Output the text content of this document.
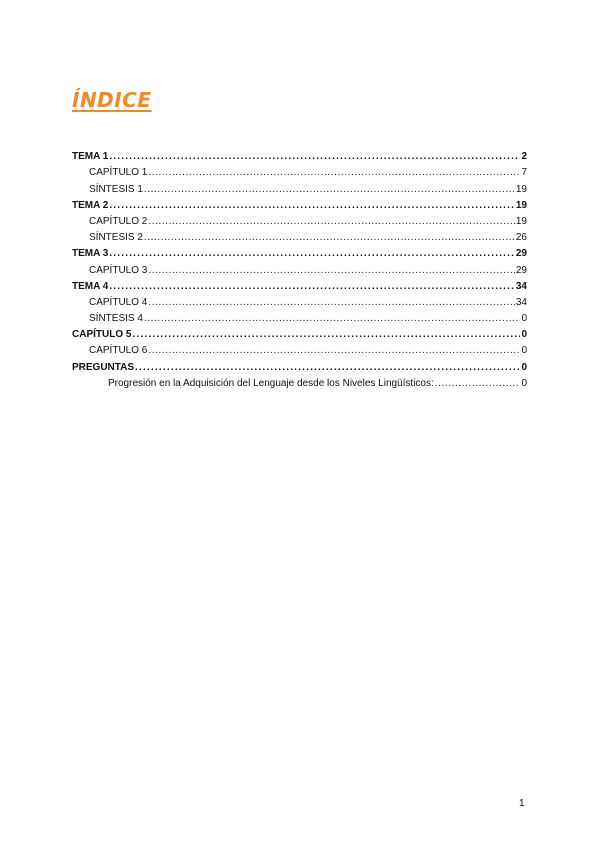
ÍNDICE
TEMA 1 .....	2
CAPÍTULO 1 .....	7
SÍNTESIS 1 .....	19
TEMA 2 .....	19
CAPÍTULO 2 .....	19
SÍNTESIS 2 .....	26
TEMA 3 .....	29
CAPÍTULO 3 .....	29
TEMA 4 .....	34
CAPÍTULO 4 .....	34
SÍNTESIS 4 .....	0
CAPÍTULO 5 .....	0
CAPÍTULO 6 .....	0
PREGUNTAS .....	0
Progresión en la Adquisición del Lenguaje desde los Niveles Lingüísticos: .....	0
1
